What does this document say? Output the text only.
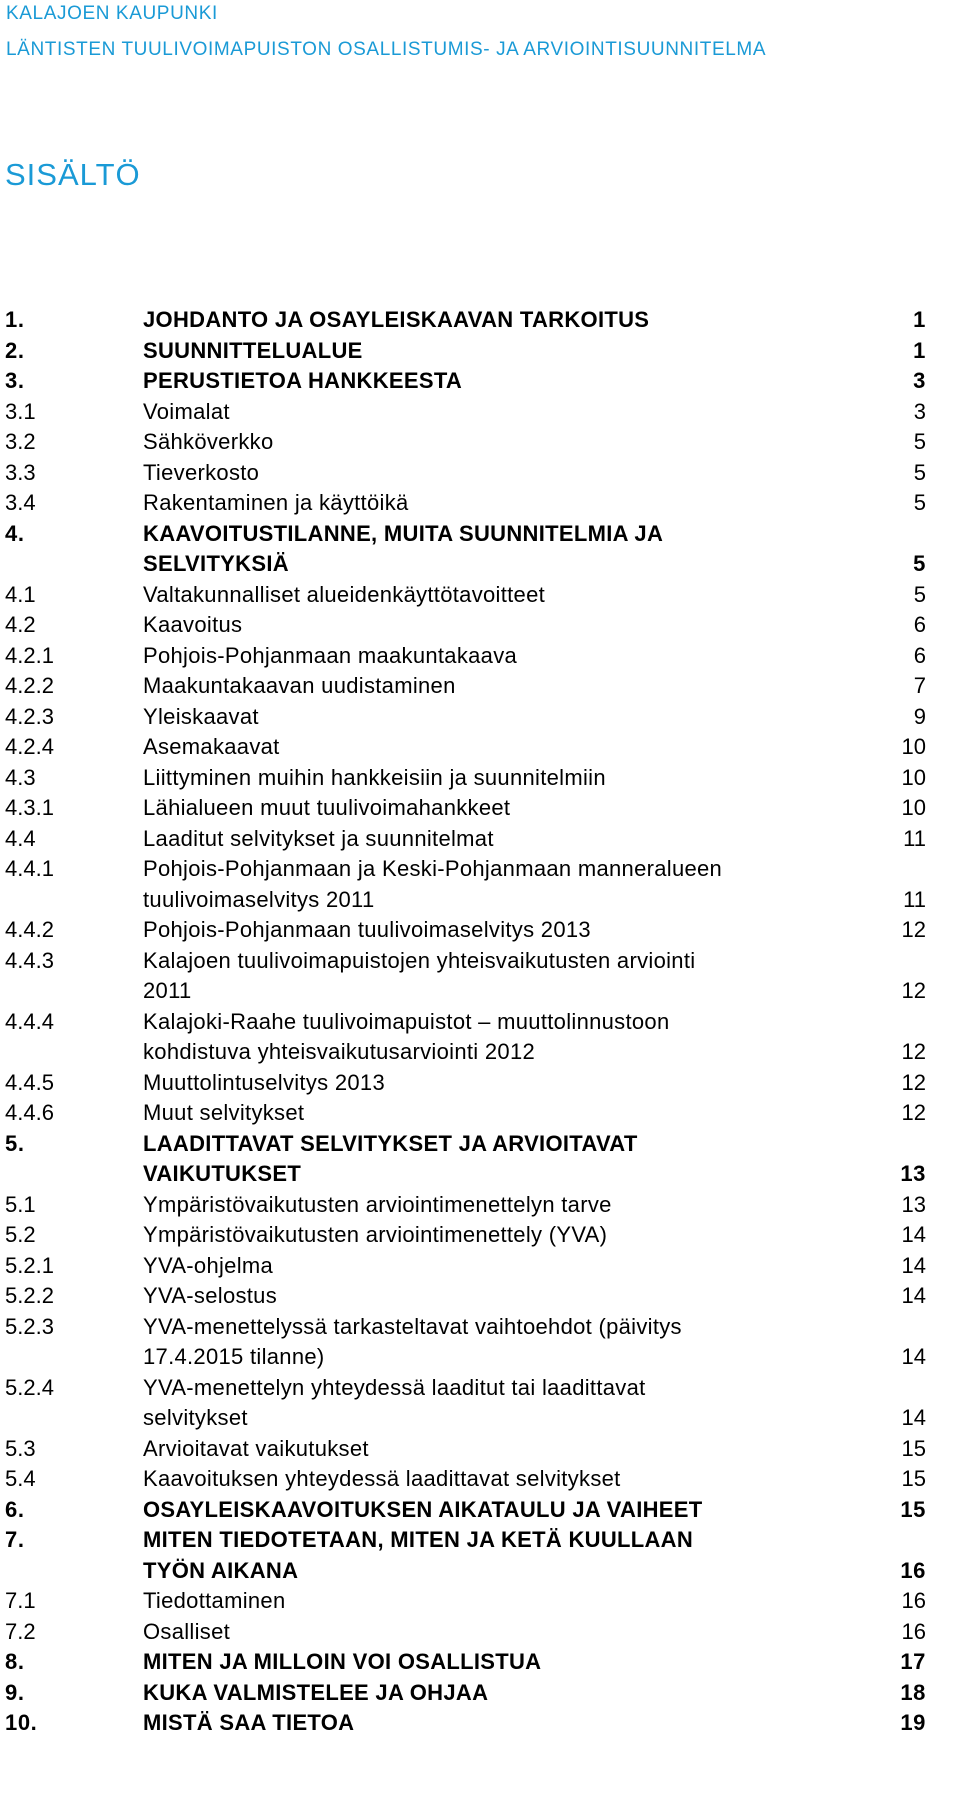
KALAJOEN KAUPUNKI
LÄNTISTEN TUULIVOIMAPUISTON OSALLISTUMIS- JA ARVIOINTISUUNNITELMA
SISÄLTÖ
1.	JOHDANTO JA OSAYLEISKAAVAN TARKOITUS	1
2.	SUUNNITTELUALUE	1
3.	PERUSTIETOA HANKKEESTA	3
3.1	Voimalat	3
3.2	Sähköverkko	5
3.3	Tieverkosto	5
3.4	Rakentaminen ja käyttöikä	5
4.	KAAVOITUSTILANNE, MUITA SUUNNITELMIA JA
SELVITYKSIÄ	5
4.1	Valtakunnalliset alueidenkäyttötavoitteet	5
4.2	Kaavoitus	6
4.2.1	Pohjois-Pohjanmaan maakuntakaava	6
4.2.2	Maakuntakaavan uudistaminen	7
4.2.3	Yleiskaavat	9
4.2.4	Asemakaavat	10
4.3	Liittyminen muihin hankkeisiin ja suunnitelmiin	10
4.3.1	Lähialueen muut tuulivoimahankkeet	10
4.4	Laaditut selvitykset ja suunnitelmat	11
4.4.1	Pohjois-Pohjanmaan ja Keski-Pohjanmaan manneralueen
tuulivoimaselvitys 2011	11
4.4.2	Pohjois-Pohjanmaan tuulivoimaselvitys 2013	12
4.4.3	Kalajoen tuulivoimapuistojen yhteisvaikutusten arviointi
2011	12
4.4.4	Kalajoki-Raahe tuulivoimapuistot – muuttolinnustoon
kohdistuva yhteisvaikutusarviointi 2012	12
4.4.5	Muuttolintuselvitys 2013	12
4.4.6	Muut selvitykset	12
5.	LAADITTAVAT SELVITYKSET JA ARVIOITAVAT
VAIKUTUKSET	13
5.1	Ympäristövaikutusten arviointimenettelyn tarve	13
5.2	Ympäristövaikutusten arviointimenettely (YVA)	14
5.2.1	YVA-ohjelma	14
5.2.2	YVA-selostus	14
5.2.3	YVA-menettelyssä tarkasteltavat vaihtoehdot (päivitys
17.4.2015 tilanne)	14
5.2.4	YVA-menettelyn yhteydessä laaditut tai laadittavat
selvitykset	14
5.3	Arvioitavat vaikutukset	15
5.4	Kaavoituksen yhteydessä laadittavat selvitykset	15
6.	OSAYLEISKAAVOITUKSEN AIKATAULU JA VAIHEET	15
7.	MITEN TIEDOTETAAN, MITEN JA KETÄ KUULLAAN
TYÖN AIKANA	16
7.1	Tiedottaminen	16
7.2	Osalliset	16
8.	MITEN JA MILLOIN VOI OSALLISTUA	17
9.	KUKA VALMISTELEE JA OHJAA	18
10.	MISTÄ SAA TIETOA	19
